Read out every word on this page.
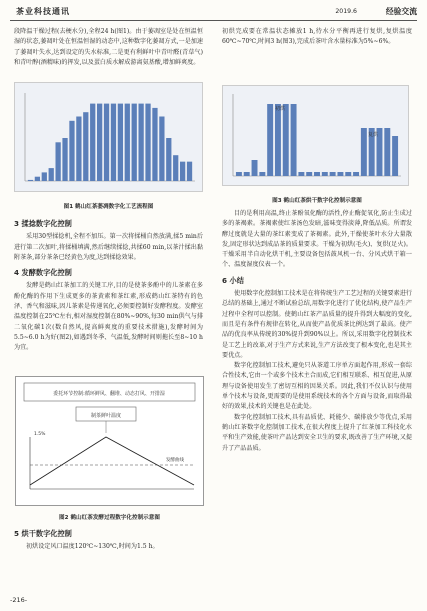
茶业科技通讯	2019.6	经验交流

段降温干燥过程(去梗水分),全程24 h(图1)。由于萎凋室是处在恒温恒湿的状态,萎凋叶处在恒温恒湿的动态中,这种数字化萎凋方式,一是加速了萎凋叶失水,达到设定的失水标准,二是更有利鲜叶中青叶醛(青草气)和青叶醇(酒精味)的挥发,以及蛋白质水解成游离氨基酸,增加鲜爽度。

图1 鹤山红茶萎凋数字化工艺流程图
3 揉捻数字化控制

采用30型揉捻机,全程不加压。第一次将揉桶自然放满,揉5 min后进行第二次加叶,将揉桶填满,然后继续揉捻,共揉60 min,以茶汁揉出黏附茶条,部分茶条已经黄色为度,达到揉捻效果。

4 发酵数字化控制

发酵是鹤山红茶加工的关键工序,目的是使茶多酚中的儿茶素在多酚化酶的作用下生成更多的茶黄素和茶红素,形成鹤山红茶特有的色泽、香气和滋味,因儿茶素是传递氧化,必须要控制好发酵程度。发酵室温度控制在25℃左右,相对湿度控制在80%~90%,每30 min供气与排二氧化碳1次(数自然风,提高鲜爽度的重要技术措施),发酵时间为5.5~6.0 h为好(图2),如遇到冬季、气温低,发酵时间则拖长至8~10 h为宜。

委托环节控制:循环鲜风、翻堆、动态打风、开排湿
制茶鲜叶温度
1.5%
发酵曲线
图2 鹤山红茶发酵过程数字化控制示意图
5 烘干数字化控制

初烘设定风口温度120℃~130℃,时间为1.5 h。

初烘完成要在常温状态摊放1 h,待水分平衡再进行复烘,复烘温度60℃~70℃,时间3 h(图3),完成后茶叶含水量标准为5%~6%。

初烘
复烘
图3 鹤山红茶烘干数字化控制示意图

目的是利用高温,终止茶酚氧化酶的活性,停止酶促氧化,防止生成过多的茶褐素。茶褐素使红茶汤色发暗,滋味变得淡薄,降低品质。所谓发酵过度就是大量的茶红素变成了茶褐素。此外,干燥使茶叶水分大量散发,固定形状达到成品茶的质量要求。干燥为初烘(毛火)、复烘(足火)。干燥采用半自动化烘干机,主要设备包括鼓风机一台、分风式烘干箱一个、温度湿度仪表一个。

6 小结

使用数字化控制加工技术是在将传统生产工艺过程的关键要素进行总结的基础上,通过不断试验总结,用数字化进行了优化结构,使产品生产过程中全程可以控制。使鹤山红茶产品质量的提升得到大幅度的变化,而且是有条件有规律在转化,从而使产品优质茶比例达到了最高。使产品的优良率从传统的30%提升到90%以上。所以,采用数字化控制技术是工艺上的改革,对于生产方式来说,生产方法改变了根本变化,也是其主要优点。

数字化控制加工技术,避免只从茶道工序单方面起作用,形成一套综合性技术,它由一个或多个技术主合而成,它们相互联系、相互促进,从原理与设备使用发生了密切互相的因果关系。因此,我们不仅认识与使用单个技术与设备,更需要的是使用系统技术的各个方面与设备,而取得最好的效果,技术的关键也是在此处。

数字化控制加工技术,具有品质优、耗能少、碳排放少等优点,采用鹤山红茶数字化控制加工技术,在很大程度上提升了红茶加工科技化水平和生产效能,使茶叶产品达到安全卫生的要求,既改善了生产环境,又提升了产品品质。

-216-
